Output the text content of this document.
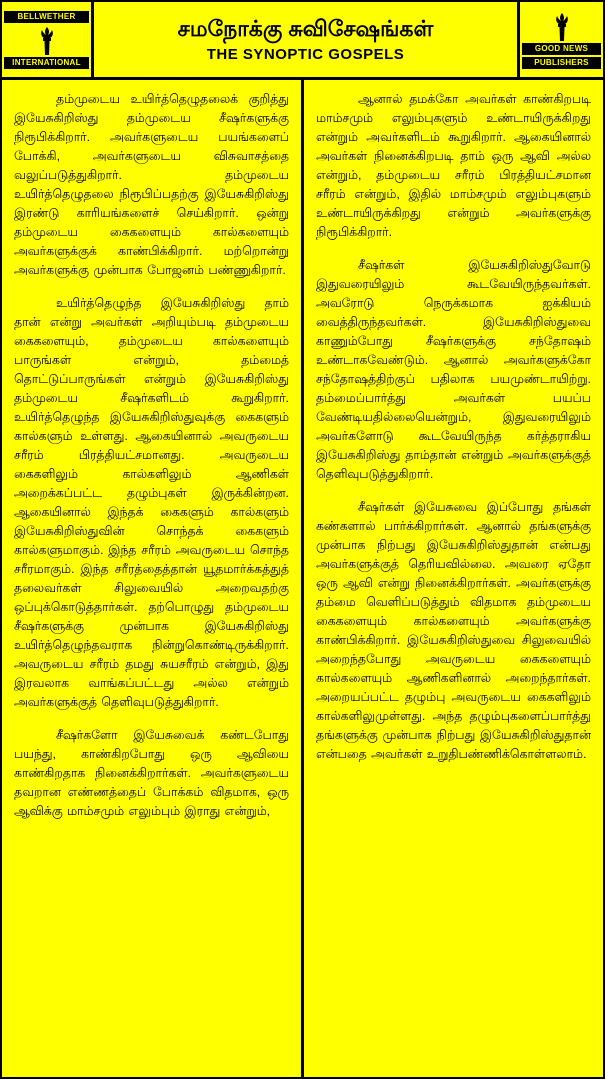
BELLWETHER
INTERNATIONAL
சமநோக்கு சுவிசேஷங்கள்
THE SYNOPTIC GOSPELS	GOOD NEWS
PUBLISHERS

தம்முடைய உயிர்த்தெழுதலைக் குறித்து இயேசுகிறிஸ்து தம்முடைய சீஷர்களுக்கு நிரூபிக்கிறார். அவர்களுடைய பயங்களைப் போக்கி, அவர்களுடைய விசுவாசத்தை வலுப்படுத்துகிறார். தம்முடைய உயிர்த்தெழுதலை நிரூபிப்பதற்கு இயேசுகிறிஸ்து இரண்டு காரியங்களைச் செய்கிறார். ஒன்று தம்முடைய கைகளையும் கால்களையும் அவர்களுக்குக் காண்பிக்கிறார். மற்றொன்று அவர்களுக்கு முன்பாக போஜனம் பண்ணுகிறார்.

உயிர்த்தெழுந்த இயேசுகிறிஸ்து தாம் தான் என்று அவர்கள் அறியும்படி தம்முடைய கைகளையும், தம்முடைய கால்களையும் பாருங்கள் என்றும், தம்மைத் தொட்டுப்பாருங்கள் என்றும் இயேசுகிறிஸ்து தம்முடைய சீஷர்களிடம் கூறுகிறார். உயிர்த்தெழுந்த இயேசுகிறிஸ்துவுக்கு கைகளும் கால்களும் உள்ளது. ஆகையினால் அவருடைய சரீரம் பிரத்தியட்சமானது. அவருடைய கைகளிலும் கால்களிலும் ஆணிகள் அறைக்கப்பட்ட தழும்புகள் இருக்கின்றன. ஆகையினால் இந்தக் கைகளும் கால்களும் இயேசுகிறிஸ்துவின் சொந்தக் கைகளும் கால்களுமாகும். இந்த சரீரம் அவருடைய சொந்த சரீரமாகும். இந்த சரீரத்தைத்தான் யூதமார்க்கத்துத் தலைவர்கள் சிலுவையில் அறைவதற்கு ஒப்புக்கொடுத்தார்கள். தற்பொழுது தம்முடைய சீஷர்களுக்கு முன்பாக இயேசுகிறிஸ்து உயிர்த்தெழுந்தவராக நின்றுகொண்டிருக்கிறார். அவருடைய சரீரம் தமது சுயசரீரம் என்றும், இது இரவலாக வாங்கப்பட்டது அல்ல என்றும் அவர்களுக்குத் தெளிவுபடுத்துகிறார்.

சீஷர்களோ இயேசுவைக் கண்டபோது பயந்து, காண்கிறபோது ஒரு ஆவியை காண்கிறதாக நினைக்கிறார்கள். அவர்களுடைய தவறான எண்ணத்தைப் போக்கம் விதமாக, ஒரு ஆவிக்கு மாம்சமும் எலும்பும் இராது என்றும்,

ஆனால் தமக்கோ அவர்கள் காண்கிறபடி மாம்சமும் எலும்புகளும் உண்டாயிருக்கிறது என்றும் அவர்களிடம் கூறுகிறார். ஆகையினால் அவர்கள் நினைக்கிறபடி தாம் ஒரு ஆவி அல்ல என்றும், தம்முடைய சரீரம் பிரத்தியட்சமான சரீரம் என்றும், இதில் மாம்சமும் எலும்புகளும் உண்டாயிருக்கிறது என்றும் அவர்களுக்கு நிரூபிக்கிறார்.

சீஷர்கள் இயேசுகிறிஸ்துவோடு இதுவரையிலும் கூடவேயிருந்தவர்கள். அவரோடு நெருக்கமாக ஐக்கியம் வைத்திருந்தவர்கள். இயேசுகிறிஸ்துவை காணும்போது சீஷர்களுக்கு சந்தோஷம் உண்டாகவேண்டும். ஆனால் அவர்களுக்கோ சந்தோஷத்திற்குப் பதிலாக பயமுண்டாயிற்று. தம்மைப்பார்த்து அவர்கள் பயப்ப வேண்டியதில்லையென்றும், இதுவரையிலும் அவர்களோடு கூடவேயிருந்த கர்த்தராகிய இயேசுகிறிஸ்து தாம்தான் என்றும் அவர்களுக்குத் தெளிவுபடுத்துகிறார்.

சீஷர்கள் இயேசுவை இப்போது தங்கள் கண்களால் பார்க்கிறார்கள். ஆனால் தங்களுக்கு முன்பாக நிற்பது இயேசுகிறிஸ்துதான் என்பது அவர்களுக்குத் தெரியவில்லை. அவரை ஏதோ ஒரு ஆவி என்று நினைக்கிறார்கள். அவர்களுக்கு தம்மை வெளிப்படுத்தும் விதமாக தம்முடைய கைகளையும் கால்களையும் அவர்களுக்கு காண்பிக்கிறார். இயேசுகிறிஸ்துவை சிலுவையில் அறைந்தபோது அவருடைய கைகளையும் கால்களையும் ஆணிகளினால் அறைந்தார்கள். அறையப்பட்ட தழும்பு அவருடைய கைகளிலும் கால்களிலுமுள்ளது. அந்த தழும்புகளைப்பார்த்து தங்களுக்கு முன்பாக நிற்பது இயேசுகிறிஸ்துதான் என்பதை அவர்கள் உறுதிபண்ணிக்கொள்ளலாம்.
